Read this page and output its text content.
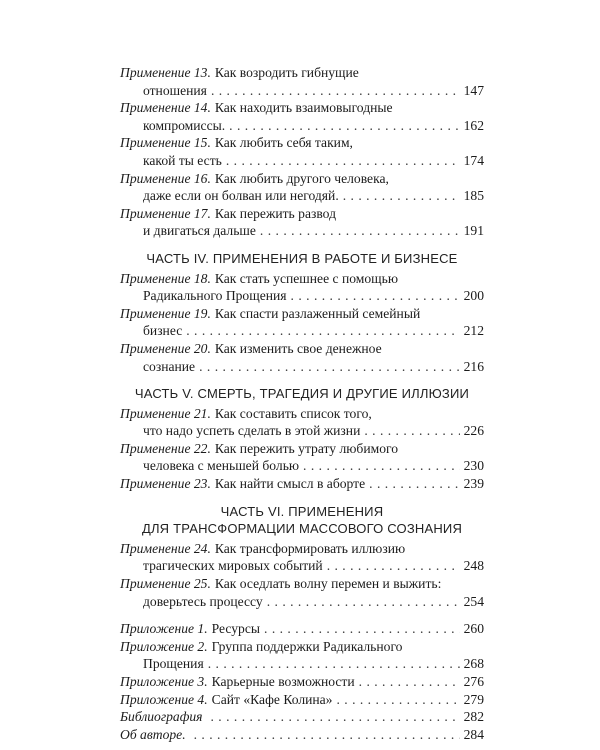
Применение 13. Как возродить гибнущие
отношения . . .	147
Применение 14. Как находить взаимовыгодные
компромиссы. . . .	162
Применение 15. Как любить себя таким,
какой ты есть . . .	174
Применение 16. Как любить другого человека,
даже если он болван или негодяй. . . .	185
Применение 17. Как пережить развод
и двигаться дальше . . .	191
ЧАСТЬ IV. ПРИМЕНЕНИЯ В РАБОТЕ И БИЗНЕСЕ
Применение 18. Как стать успешнее с помощью
Радикального Прощения . . .	200
Применение 19. Как спасти разлаженный семейный
бизнес . . .	212
Применение 20. Как изменить свое денежное
сознание . . .	216
ЧАСТЬ V. СМЕРТЬ, ТРАГЕДИЯ И ДРУГИЕ ИЛЛЮЗИИ
Применение 21. Как составить список того,
что надо успеть сделать в этой жизни . . .	226
Применение 22. Как пережить утрату любимого
человека с меньшей болью . . .	230
Применение 23. Как найти смысл в аборте . . .	239
ЧАСТЬ VI. ПРИМЕНЕНИЯ
ДЛЯ ТРАНСФОРМАЦИИ МАССОВОГО СОЗНАНИЯ
Применение 24. Как трансформировать иллюзию
трагических мировых событий . . .	248
Применение 25. Как оседлать волну перемен и выжить:
доверьтесь процессу . . .	254
Приложение 1. Ресурсы . . .	260
Приложение 2. Группа поддержки Радикального
Прощения . . .	268
Приложение 3. Карьерные возможности . . .	276
Приложение 4. Сайт «Кафе Колина» . . .	279
Библиография . . .	282
Об авторе. . . .	284
